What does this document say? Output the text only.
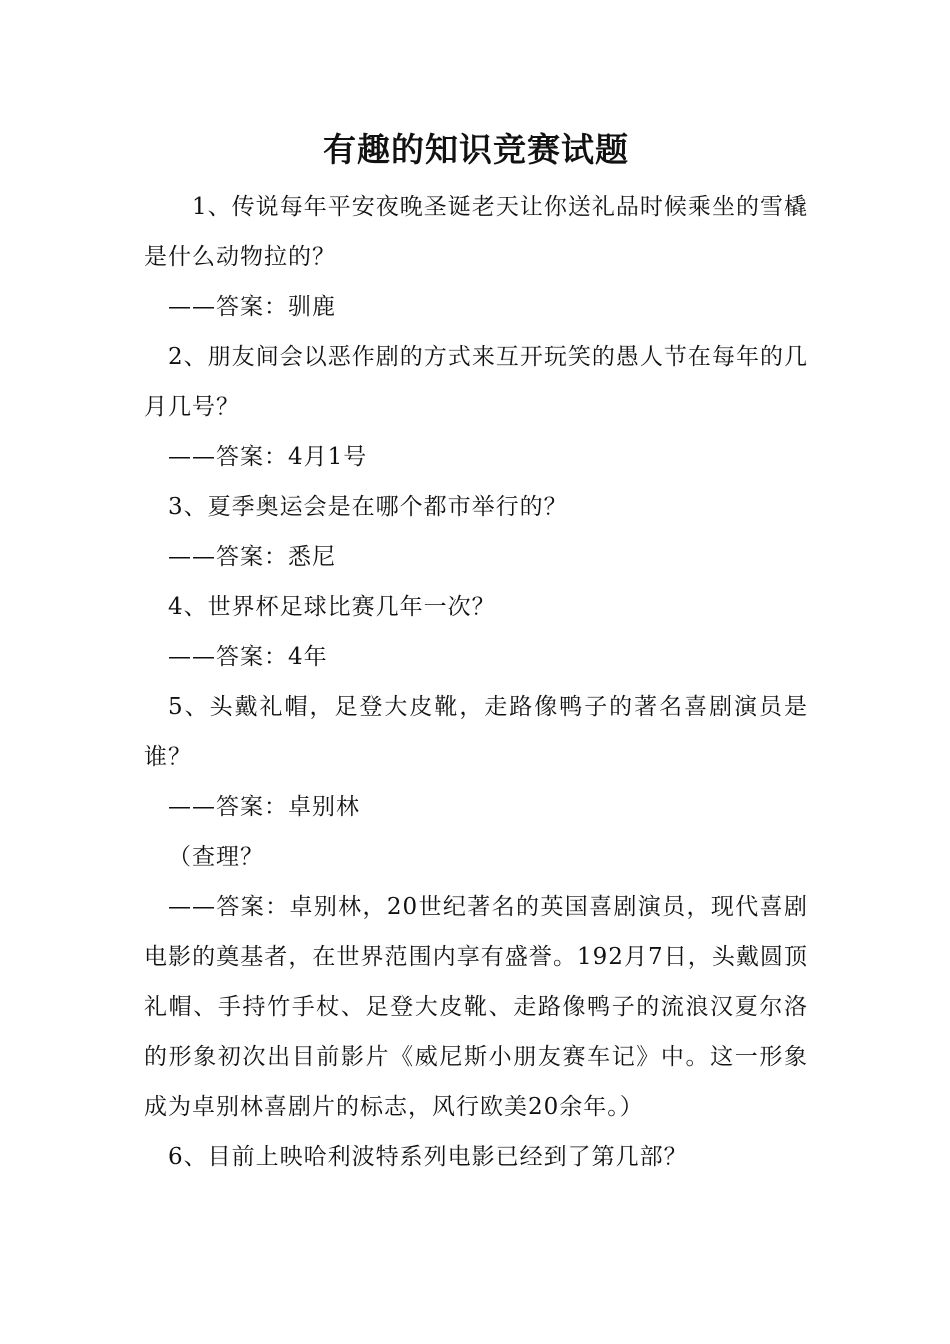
有趣的知识竞赛试题

1、传说每年平安夜晚圣诞老天让你送礼品时候乘坐的雪橇是什么动物拉的？

——答案：驯鹿

2、朋友间会以恶作剧的方式来互开玩笑的愚人节在每年的几月几号？

——答案：4月1号

3、夏季奥运会是在哪个都市举行的？

——答案：悉尼

4、世界杯足球比赛几年一次？

——答案：4年

5、头戴礼帽，足登大皮靴，走路像鸭子的著名喜剧演员是谁？

——答案：卓别林

（查理？

——答案：卓别林，20世纪著名的英国喜剧演员，现代喜剧电影的奠基者，在世界范围内享有盛誉。192月7日，头戴圆顶礼帽、手持竹手杖、足登大皮靴、走路像鸭子的流浪汉夏尔洛的形象初次出目前影片《威尼斯小朋友赛车记》中。这一形象成为卓别林喜剧片的标志，风行欧美20余年。）

6、目前上映哈利波特系列电影已经到了第几部？
